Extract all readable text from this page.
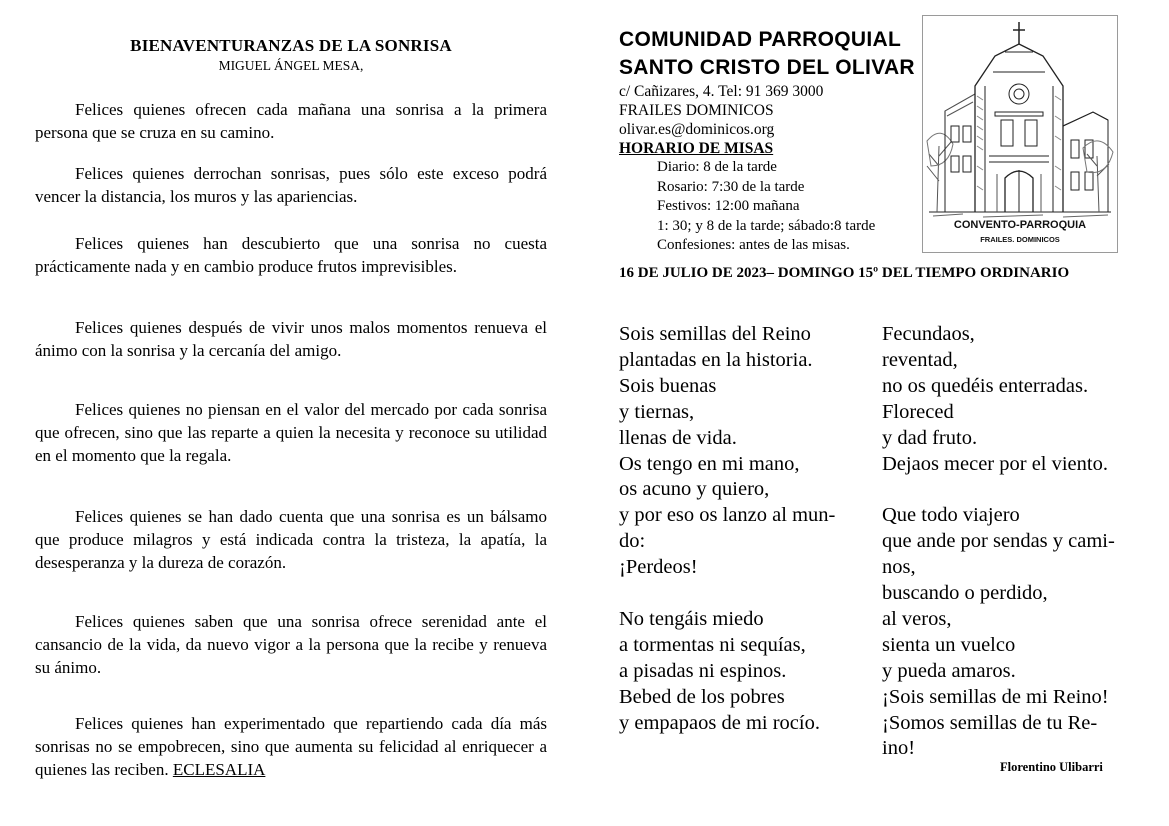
BIENAVENTURANZAS DE LA SONRISA
MIGUEL ÁNGEL MESA,

Felices quienes ofrecen cada mañana una sonrisa a la primera persona que se cruza en su camino.

Felices quienes derrochan sonrisas, pues sólo este exceso podrá vencer la distancia, los muros y las apariencias.

Felices quienes han descubierto que una sonrisa no cuesta prácticamente nada y en cambio produce frutos imprevisibles.

Felices quienes después de vivir unos malos momentos renueva el ánimo con la sonrisa y la cercanía del amigo.

Felices quienes no piensan en el valor del mercado por cada sonrisa que ofrecen, sino que las reparte a quien la necesita y reconoce su utilidad en el momento que la regala.

Felices quienes se han dado cuenta que una sonrisa es un bálsamo que produce milagros y está indicada contra la tristeza, la apatía, la desesperanza y la dureza de corazón.

Felices quienes saben que una sonrisa ofrece serenidad ante el cansancio de la vida, da nuevo vigor a la persona que la recibe y renueva su ánimo.

Felices quienes han experimentado que repartiendo cada día más sonrisas no se empobrecen, sino que aumenta su felicidad al enriquecer a quienes las reciben. ECLESALIA

COMUNIDAD PARROQUIAL
SANTO CRISTO DEL OLIVAR
c/ Cañizares, 4. Tel: 91 369 3000
FRAILES DOMINICOS
olivar.es@dominicos.org
HORARIO DE MISAS
Diario: 8 de la tarde
Rosario: 7:30 de la tarde
Festivos: 12:00 mañana
1: 30; y 8 de la tarde; sábado:8 tarde
Confesiones: antes de las misas.
CONVENTO-PARROQUIA
FRAILES. DOMINICOS
16 DE JULIO DE 2023– DOMINGO 15º DEL TIEMPO ORDINARIO
Sois semillas del Reino
plantadas en la historia.
Sois buenas
y tiernas,
llenas de vida.
Os tengo en mi mano,
os acuno y quiero,
y por eso os lanzo al mun-
do:
¡Perdeos!
No tengáis miedo
a tormentas ni sequías,
a pisadas ni espinos.
Bebed de los pobres
y empapaos de mi rocío.
Fecundaos,
reventad,
no os quedéis enterradas.
Floreced
y dad fruto.
Dejaos mecer por el viento.
Que todo viajero
que ande por sendas y cami-
nos,
buscando o perdido,
al veros,
sienta un vuelco
y pueda amaros.
¡Sois semillas de mi Reino!
¡Somos semillas de tu Re-
ino!
Florentino Ulibarri
